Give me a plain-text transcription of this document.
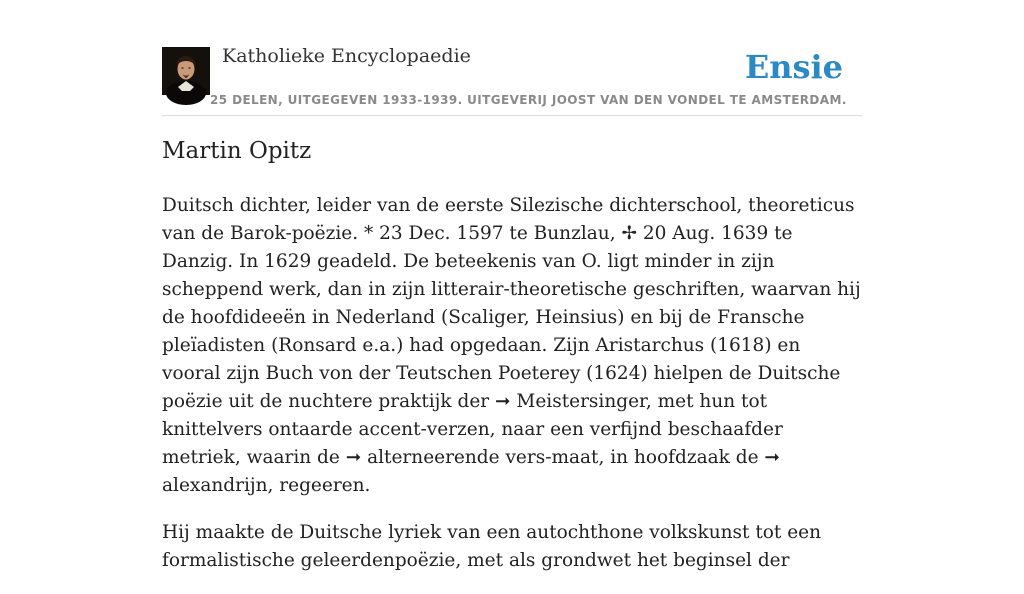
Katholieke Encyclopaedie	Ensie
25 DELEN, UITGEGEVEN 1933-1939. UITGEVERIJ JOOST VAN DEN VONDEL TE AMSTERDAM.
Martin Opitz

Duitsch dichter, leider van de eerste Silezische dichterschool, theoreticus van de Barok-poëzie. * 23 Dec. 1597 te Bunzlau, ✢ 20 Aug. 1639 te Danzig. In 1629 geadeld. De beteekenis van O. ligt minder in zijn scheppend werk, dan in zijn litterair-theoretische geschriften, waarvan hij de hoofdideeën in Nederland (Scaliger, Heinsius) en bij de Fransche pleïadisten (Ronsard e.a.) had opgedaan. Zijn Aristarchus (1618) en vooral zijn Buch von der Teutschen Poeterey (1624) hielpen de Duitsche poëzie uit de nuchtere praktijk der ➞ Meistersinger, met hun tot knittelvers ontaarde accent-verzen, naar een verfijnd beschaafder metriek, waarin de ➞ alterneerende vers-maat, in hoofdzaak de ➞ alexandrijn, regeeren.

Hij maakte de Duitsche lyriek van een autochthone volkskunst tot een formalistische geleerdenpoëzie, met als grondwet het beginsel der
